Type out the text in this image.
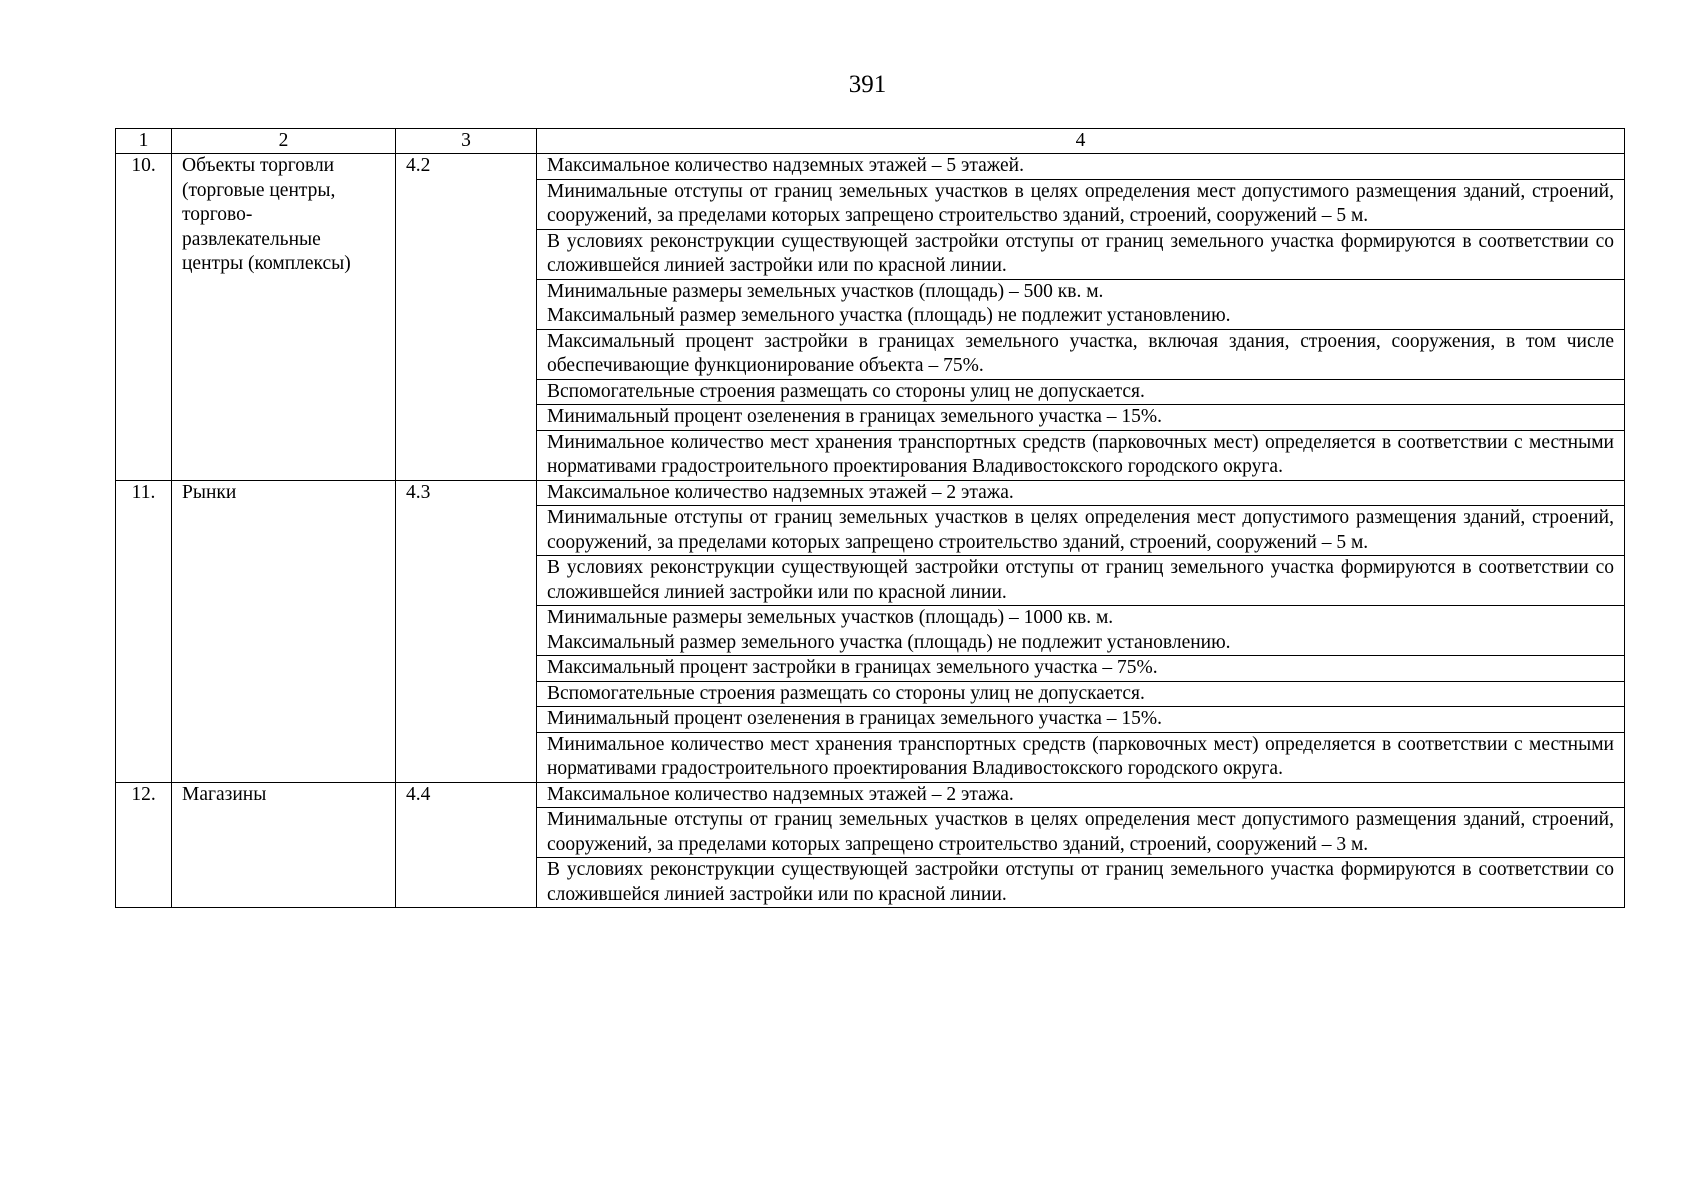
391
1	2	3	4
10.	Объекты торговли (торговые центры, торгово-развлекательные центры (комплексы)	4.2	Максимальное количество надземных этажей – 5 этажей.
			Минимальные отступы от границ земельных участков в целях определения мест допустимого размещения зданий, строений, сооружений, за пределами которых запрещено строительство зданий, строений, сооружений – 5 м.
			В условиях реконструкции существующей застройки отступы от границ земельного участка формируются в соответствии со сложившейся линией застройки или по красной линии.
			Минимальные размеры земельных участков (площадь) – 500 кв. м.
Максимальный размер земельного участка (площадь) не подлежит установлению.
			Максимальный процент застройки в границах земельного участка, включая здания, строения, сооружения, в том числе обеспечивающие функционирование объекта – 75%.
			Вспомогательные строения размещать со стороны улиц не допускается.
			Минимальный процент озеленения в границах земельного участка – 15%.
			Минимальное количество мест хранения транспортных средств (парковочных мест) определяется в соответствии с местными нормативами градостроительного проектирования Владивостокского городского округа.
11.	Рынки	4.3	Максимальное количество надземных этажей – 2 этажа.
			Минимальные отступы от границ земельных участков в целях определения мест допустимого размещения зданий, строений, сооружений, за пределами которых запрещено строительство зданий, строений, сооружений – 5 м.
			В условиях реконструкции существующей застройки отступы от границ земельного участка формируются в соответствии со сложившейся линией застройки или по красной линии.
			Минимальные размеры земельных участков (площадь) – 1000 кв. м.
Максимальный размер земельного участка (площадь) не подлежит установлению.
			Максимальный процент застройки в границах земельного участка – 75%.
			Вспомогательные строения размещать со стороны улиц не допускается.
			Минимальный процент озеленения в границах земельного участка – 15%.
			Минимальное количество мест хранения транспортных средств (парковочных мест) определяется в соответствии с местными нормативами градостроительного проектирования Владивостокского городского округа.
12.	Магазины	4.4	Максимальное количество надземных этажей – 2 этажа.
			Минимальные отступы от границ земельных участков в целях определения мест допустимого размещения зданий, строений, сооружений, за пределами которых запрещено строительство зданий, строений, сооружений – 3 м.
			В условиях реконструкции существующей застройки отступы от границ земельного участка формируются в соответствии со сложившейся линией застройки или по красной линии.
